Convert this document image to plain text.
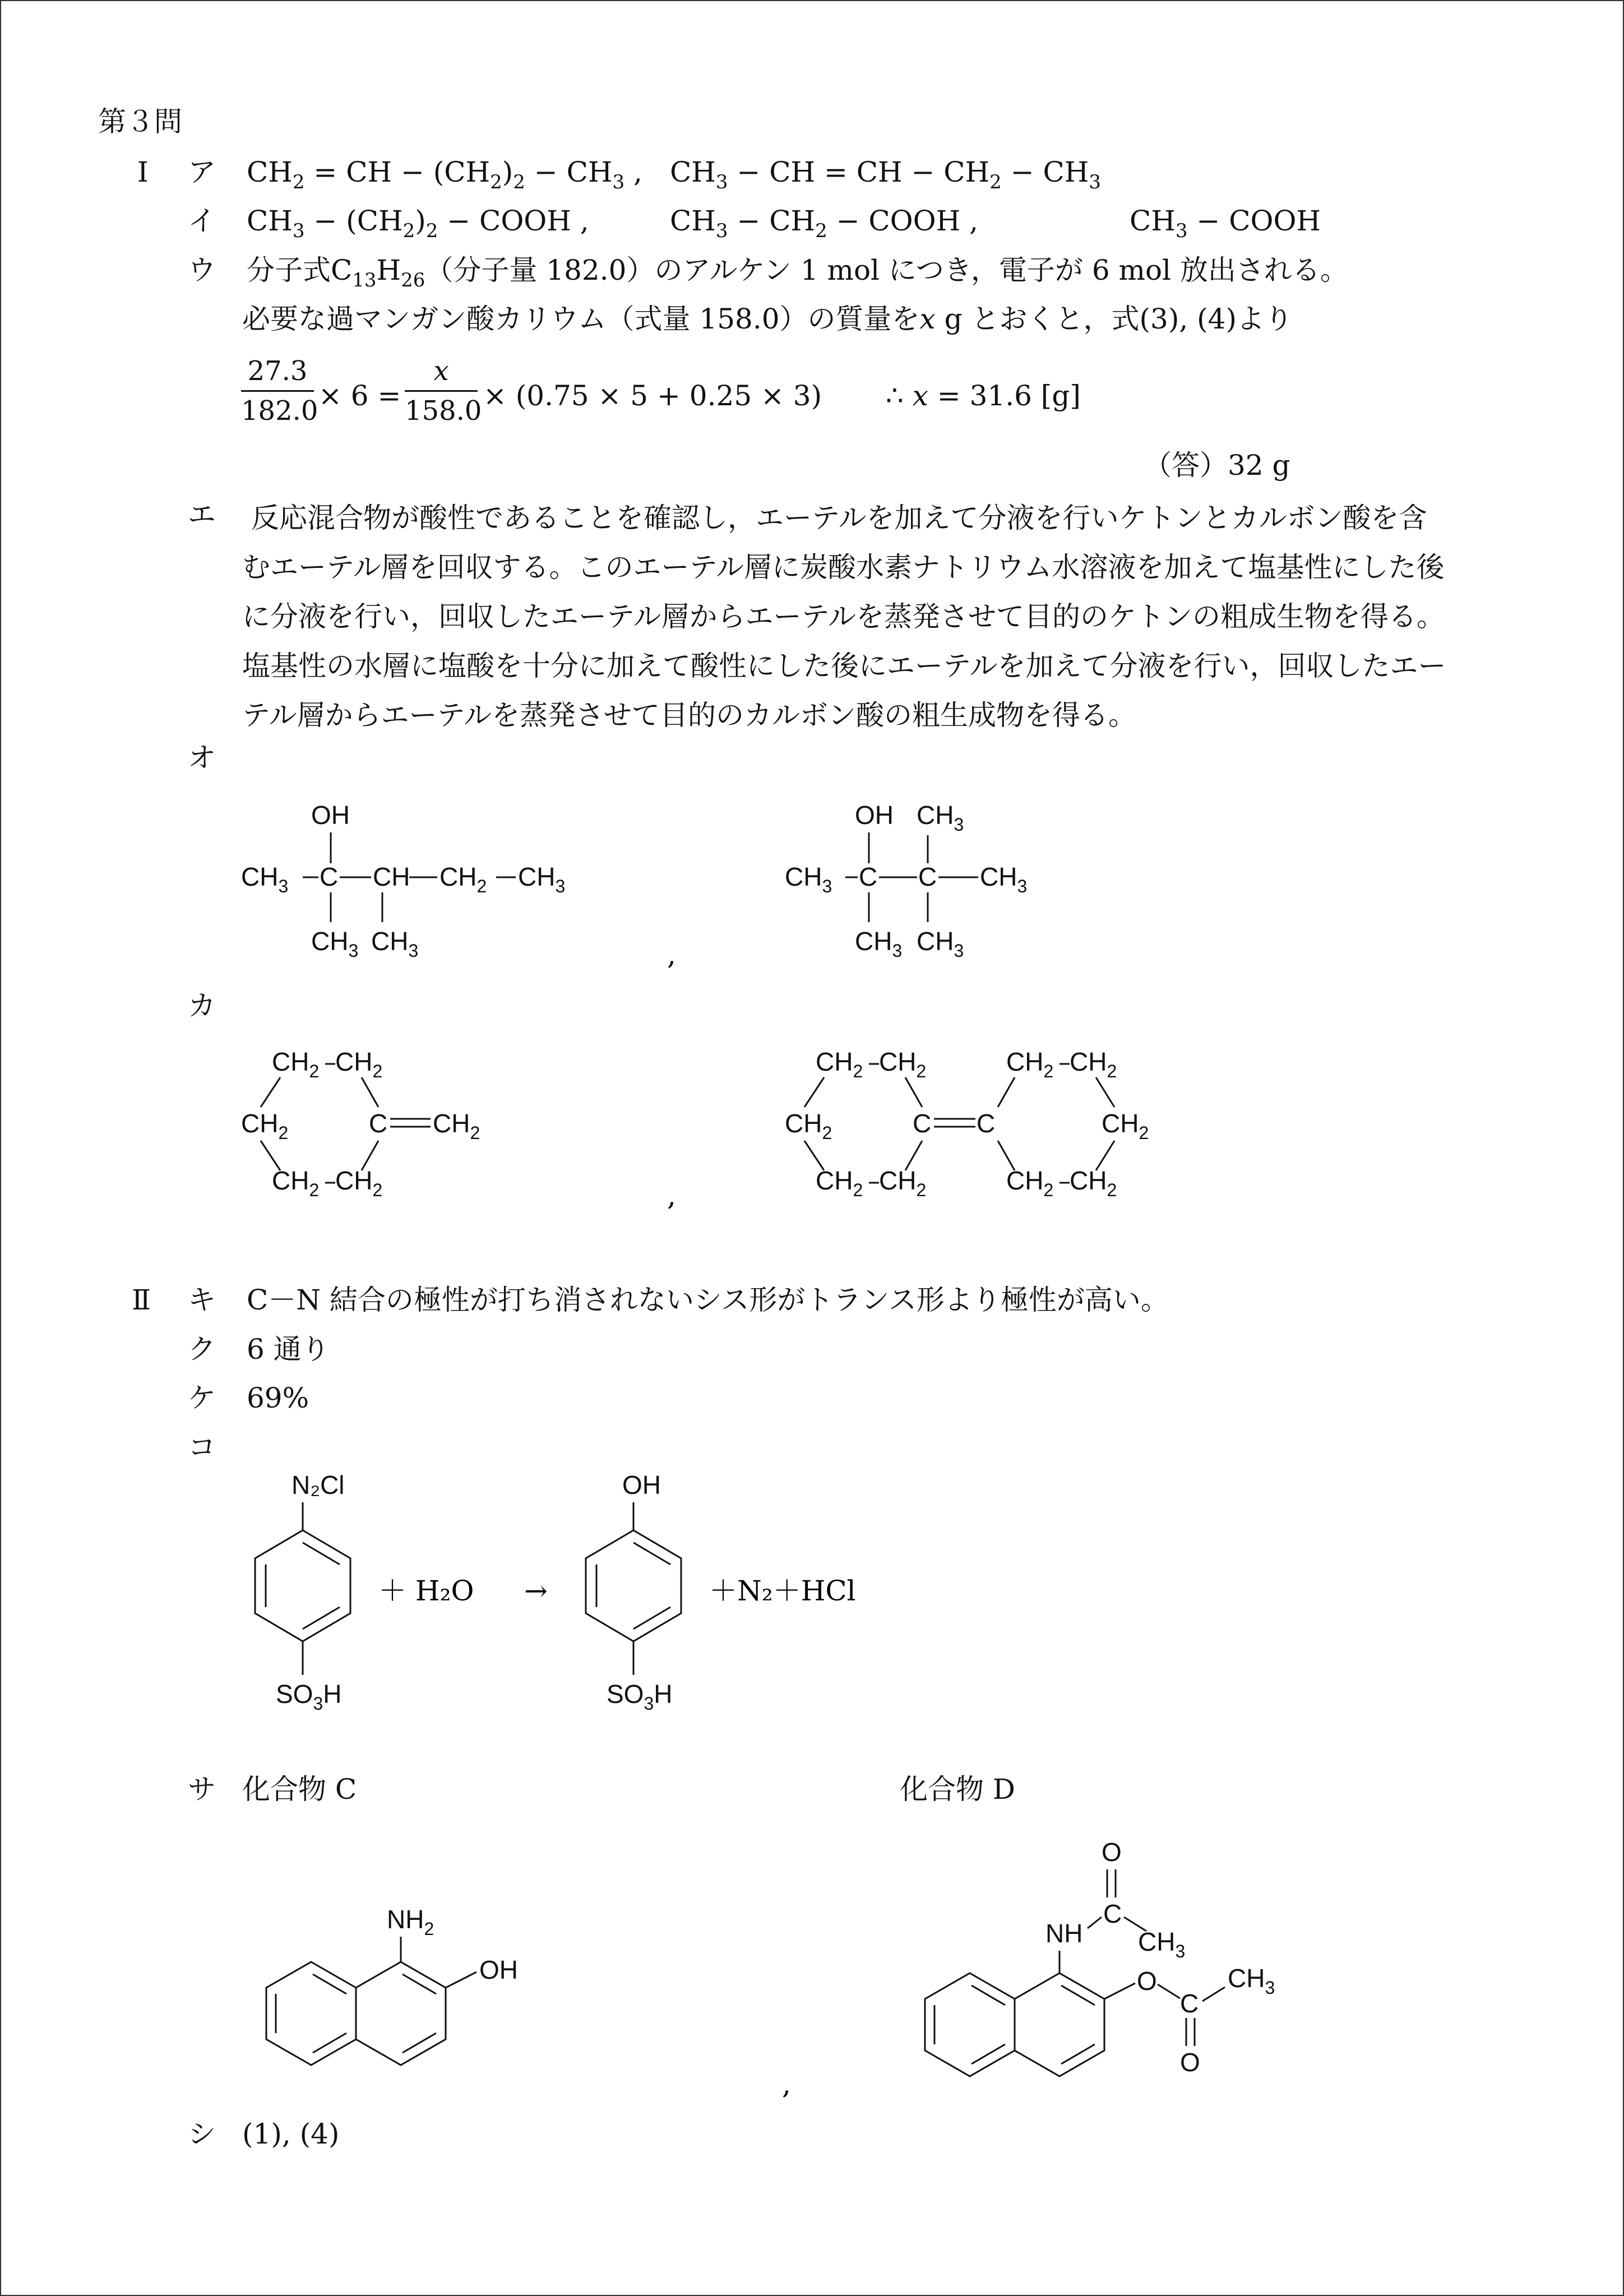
第３問
Ⅰ ア $CH_2$ = CH − $(CH_2)_2 - CH_3$ , $CH_3$ − CH = CH − $CH_2 - CH_3$
イ $CH_3 - (CH_2)_2$ − COOH ,	$CH_3 - CH_2$ − COOH ,	$CH_3$ − COOH
ウ 分子式$C_{13}H_{26}$（分子量 182.0）のアルケン 1 mol につき，電子が 6 mol 放出される。
必要な過マンガン酸カリウム（式量 158.0）の質量を𝑥 g とおくと，式(3), (4)より
27.3
182.0 × 6 =
𝑥
158.0 × (0.75 × 5 + 0.25 × 3) ∴ 𝑥 = 31.6 [g]
（答）32 g
エ	反応混合物が酸性であることを確認し，エーテルを加えて分液を行いケトンとカルボン酸を含
むエーテル層を回収する。このエーテル層に炭酸水素ナトリウム水溶液を加えて塩基性にした後
に分液を行い，回収したエーテル層からエーテルを蒸発させて目的のケトンの粗成生物を得る。
塩基性の水層に塩酸を十分に加えて酸性にした後にエーテルを加えて分液を行い，回収したエー
テル層からエーテルを蒸発させて目的のカルボン酸の粗生成物を得る。
オ
OH
$CH_3$ C CH $CH_2$ $CH_3$
$CH_3$ $CH_3$	,
OH $CH_3$
$CH_3$ C C $CH_3$
$CH_3$ $CH_3$
カ
$CH_2$ $CH_2$
$CH_2$	C $CH_2$
$CH_2$ $CH_2$	,
$CH_2$ $CH_2$
$CH_2$	C C
$CH_2$ $CH_2$
$CH_2$ $CH_2$
$CH_2$
$CH_2$ $CH_2$
Ⅱ キ C－N 結合の極性が打ち消されないシス形がトランス形より極性が高い。
ク 6 通り
ケ 69%
コ
N₂Cl
$SO_3H$
＋ H₂O →
OH
$SO_3H$
＋N₂＋HCl
サ 化合物 C	化合物 D
$NH_2$
OH
,
O
C
$CH_3$
NH
O
C
$CH_3$
O
シ (1), (4)
